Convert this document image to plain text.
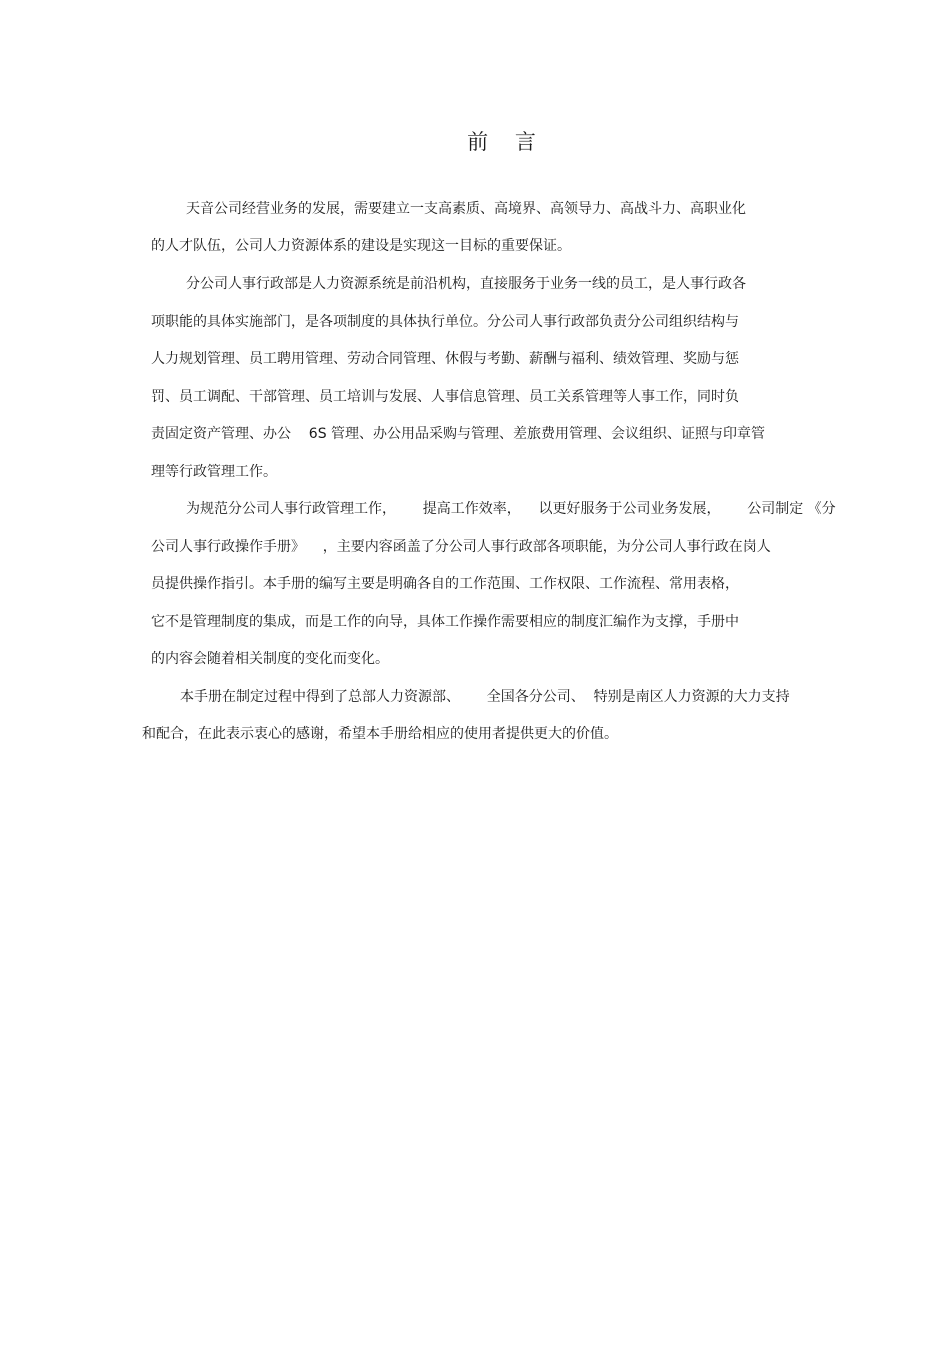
前    言
天音公司经营业务的发展，需要建立一支高素质、高境界、高领导力、高战斗力、高职业化
的人才队伍，公司人力资源体系的建设是实现这一目标的重要保证。
分公司人事行政部是人力资源系统是前沿机构，直接服务于业务一线的员工，是人事行政各
项职能的具体实施部门，是各项制度的具体执行单位。分公司人事行政部负责分公司组织结构与
人力规划管理、员工聘用管理、劳动合同管理、休假与考勤、薪酬与福利、绩效管理、奖励与惩
罚、员工调配、干部管理、员工培训与发展、人事信息管理、员工关系管理等人事工作，同时负
责固定资产管理、办公    6S 管理、办公用品采购与管理、差旅费用管理、会议组织、证照与印章管
理等行政管理工作。
为规范分公司人事行政管理工作，      提高工作效率，    以更好服务于公司业务发展，      公司制定 《分
公司人事行政操作手册》    ，主要内容函盖了分公司人事行政部各项职能，为分公司人事行政在岗人
员提供操作指引。本手册的编写主要是明确各自的工作范围、工作权限、工作流程、常用表格，
它不是管理制度的集成，而是工作的向导，具体工作操作需要相应的制度汇编作为支撑，手册中
的内容会随着相关制度的变化而变化。
本手册在制定过程中得到了总部人力资源部、      全国各分公司、  特别是南区人力资源的大力支持
和配合，在此表示衷心的感谢，希望本手册给相应的使用者提供更大的价值。
